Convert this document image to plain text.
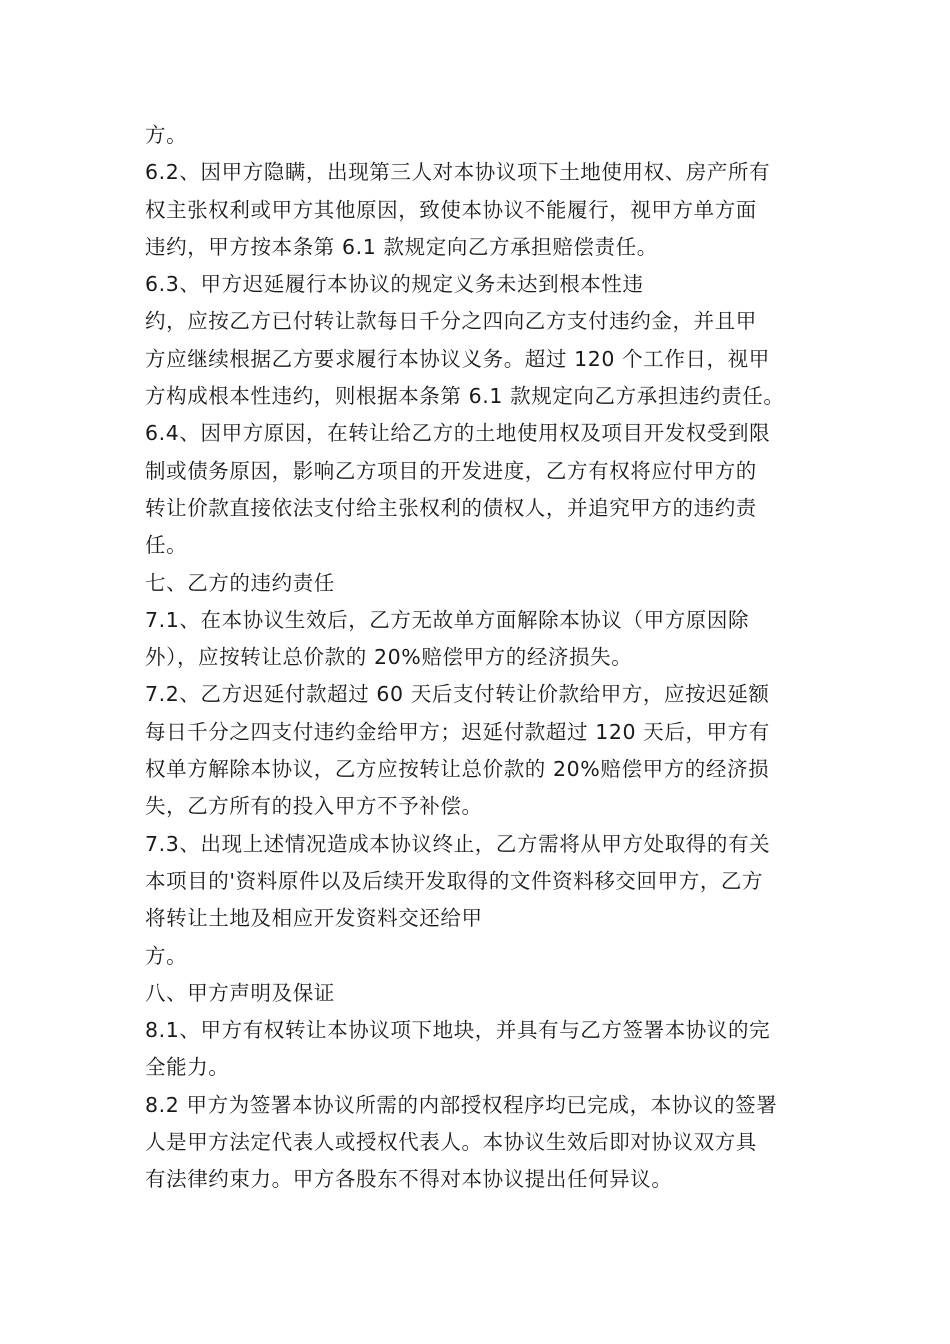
方。
6.2、因甲方隐瞒，出现第三人对本协议项下土地使用权、房产所有
权主张权利或甲方其他原因，致使本协议不能履行，视甲方单方面
违约，甲方按本条第 6.1 款规定向乙方承担赔偿责任。
6.3、甲方迟延履行本协议的规定义务未达到根本性违
约，应按乙方已付转让款每日千分之四向乙方支付违约金，并且甲
方应继续根据乙方要求履行本协议义务。超过 120 个工作日，视甲
方构成根本性违约，则根据本条第 6.1 款规定向乙方承担违约责任。
6.4、因甲方原因，在转让给乙方的土地使用权及项目开发权受到限
制或债务原因，影响乙方项目的开发进度，乙方有权将应付甲方的
转让价款直接依法支付给主张权利的债权人，并追究甲方的违约责
任。
七、乙方的违约责任
7.1、在本协议生效后，乙方无故单方面解除本协议（甲方原因除
外），应按转让总价款的 20%赔偿甲方的经济损失。
7.2、乙方迟延付款超过 60 天后支付转让价款给甲方，应按迟延额
每日千分之四支付违约金给甲方；迟延付款超过 120 天后，甲方有
权单方解除本协议，乙方应按转让总价款的 20%赔偿甲方的经济损
失，乙方所有的投入甲方不予补偿。
7.3、出现上述情况造成本协议终止，乙方需将从甲方处取得的有关
本项目的'资料原件以及后续开发取得的文件资料移交回甲方，乙方
将转让土地及相应开发资料交还给甲
方。
八、甲方声明及保证
8.1、甲方有权转让本协议项下地块，并具有与乙方签署本协议的完
全能力。
8.2 甲方为签署本协议所需的内部授权程序均已完成，本协议的签署
人是甲方法定代表人或授权代表人。本协议生效后即对协议双方具
有法律约束力。甲方各股东不得对本协议提出任何异议。
